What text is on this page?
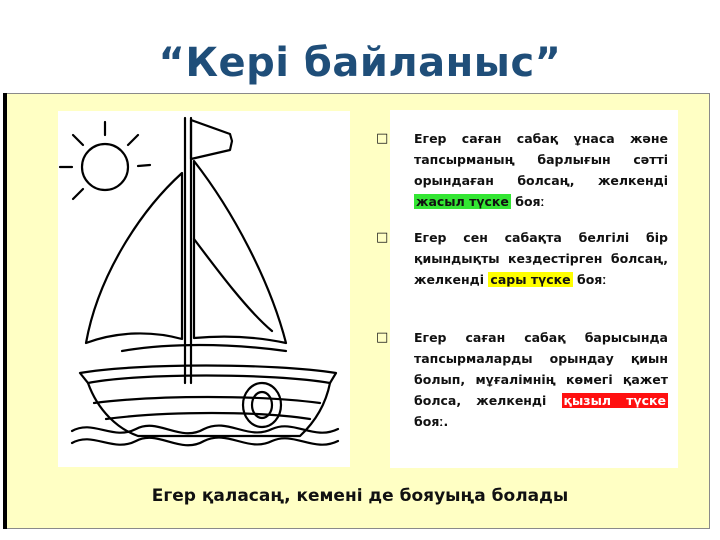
“Кері байланыс”
□ Егер саған сабақ ұнаса және тапсырманың барлығын сәтті орындаған болсаң, желкенді жасыл түске бояː
□ Егер сен сабақта белгілі бір қиындықты кездестірген болсаң, желкенді сары түске бояː
□ Егер саған сабақ барысында тапсырмаларды орындау қиын болып, мұғалімнің көмегі қажет болса, желкенді қызыл түске бояː.
Егер қаласаң, кемені де бояуыңа болады
